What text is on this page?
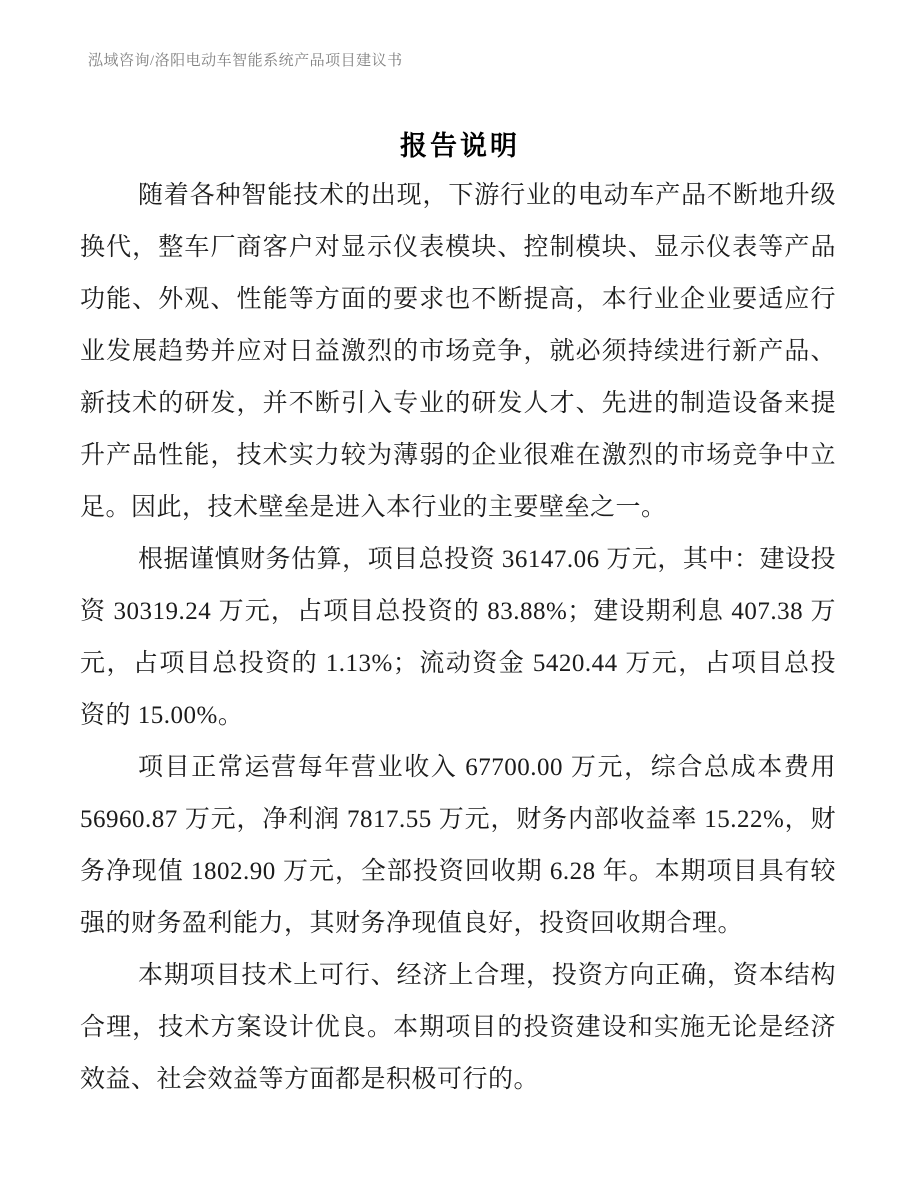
泓域咨询/洛阳电动车智能系统产品项目建议书
报告说明

随着各种智能技术的出现，下游行业的电动车产品不断地升级换代，整车厂商客户对显示仪表模块、控制模块、显示仪表等产品功能、外观、性能等方面的要求也不断提高，本行业企业要适应行业发展趋势并应对日益激烈的市场竞争，就必须持续进行新产品、新技术的研发，并不断引入专业的研发人才、先进的制造设备来提升产品性能，技术实力较为薄弱的企业很难在激烈的市场竞争中立足。因此，技术壁垒是进入本行业的主要壁垒之一。

根据谨慎财务估算，项目总投资 36147.06 万元，其中：建设投资 30319.24 万元，占项目总投资的 83.88%；建设期利息 407.38 万元，占项目总投资的 1.13%；流动资金 5420.44 万元，占项目总投资的 15.00%。

项目正常运营每年营业收入 67700.00 万元，综合总成本费用 56960.87 万元，净利润 7817.55 万元，财务内部收益率 15.22%，财务净现值 1802.90 万元，全部投资回收期 6.28 年。本期项目具有较强的财务盈利能力，其财务净现值良好，投资回收期合理。

本期项目技术上可行、经济上合理，投资方向正确，资本结构合理，技术方案设计优良。本期项目的投资建设和实施无论是经济效益、社会效益等方面都是积极可行的。
